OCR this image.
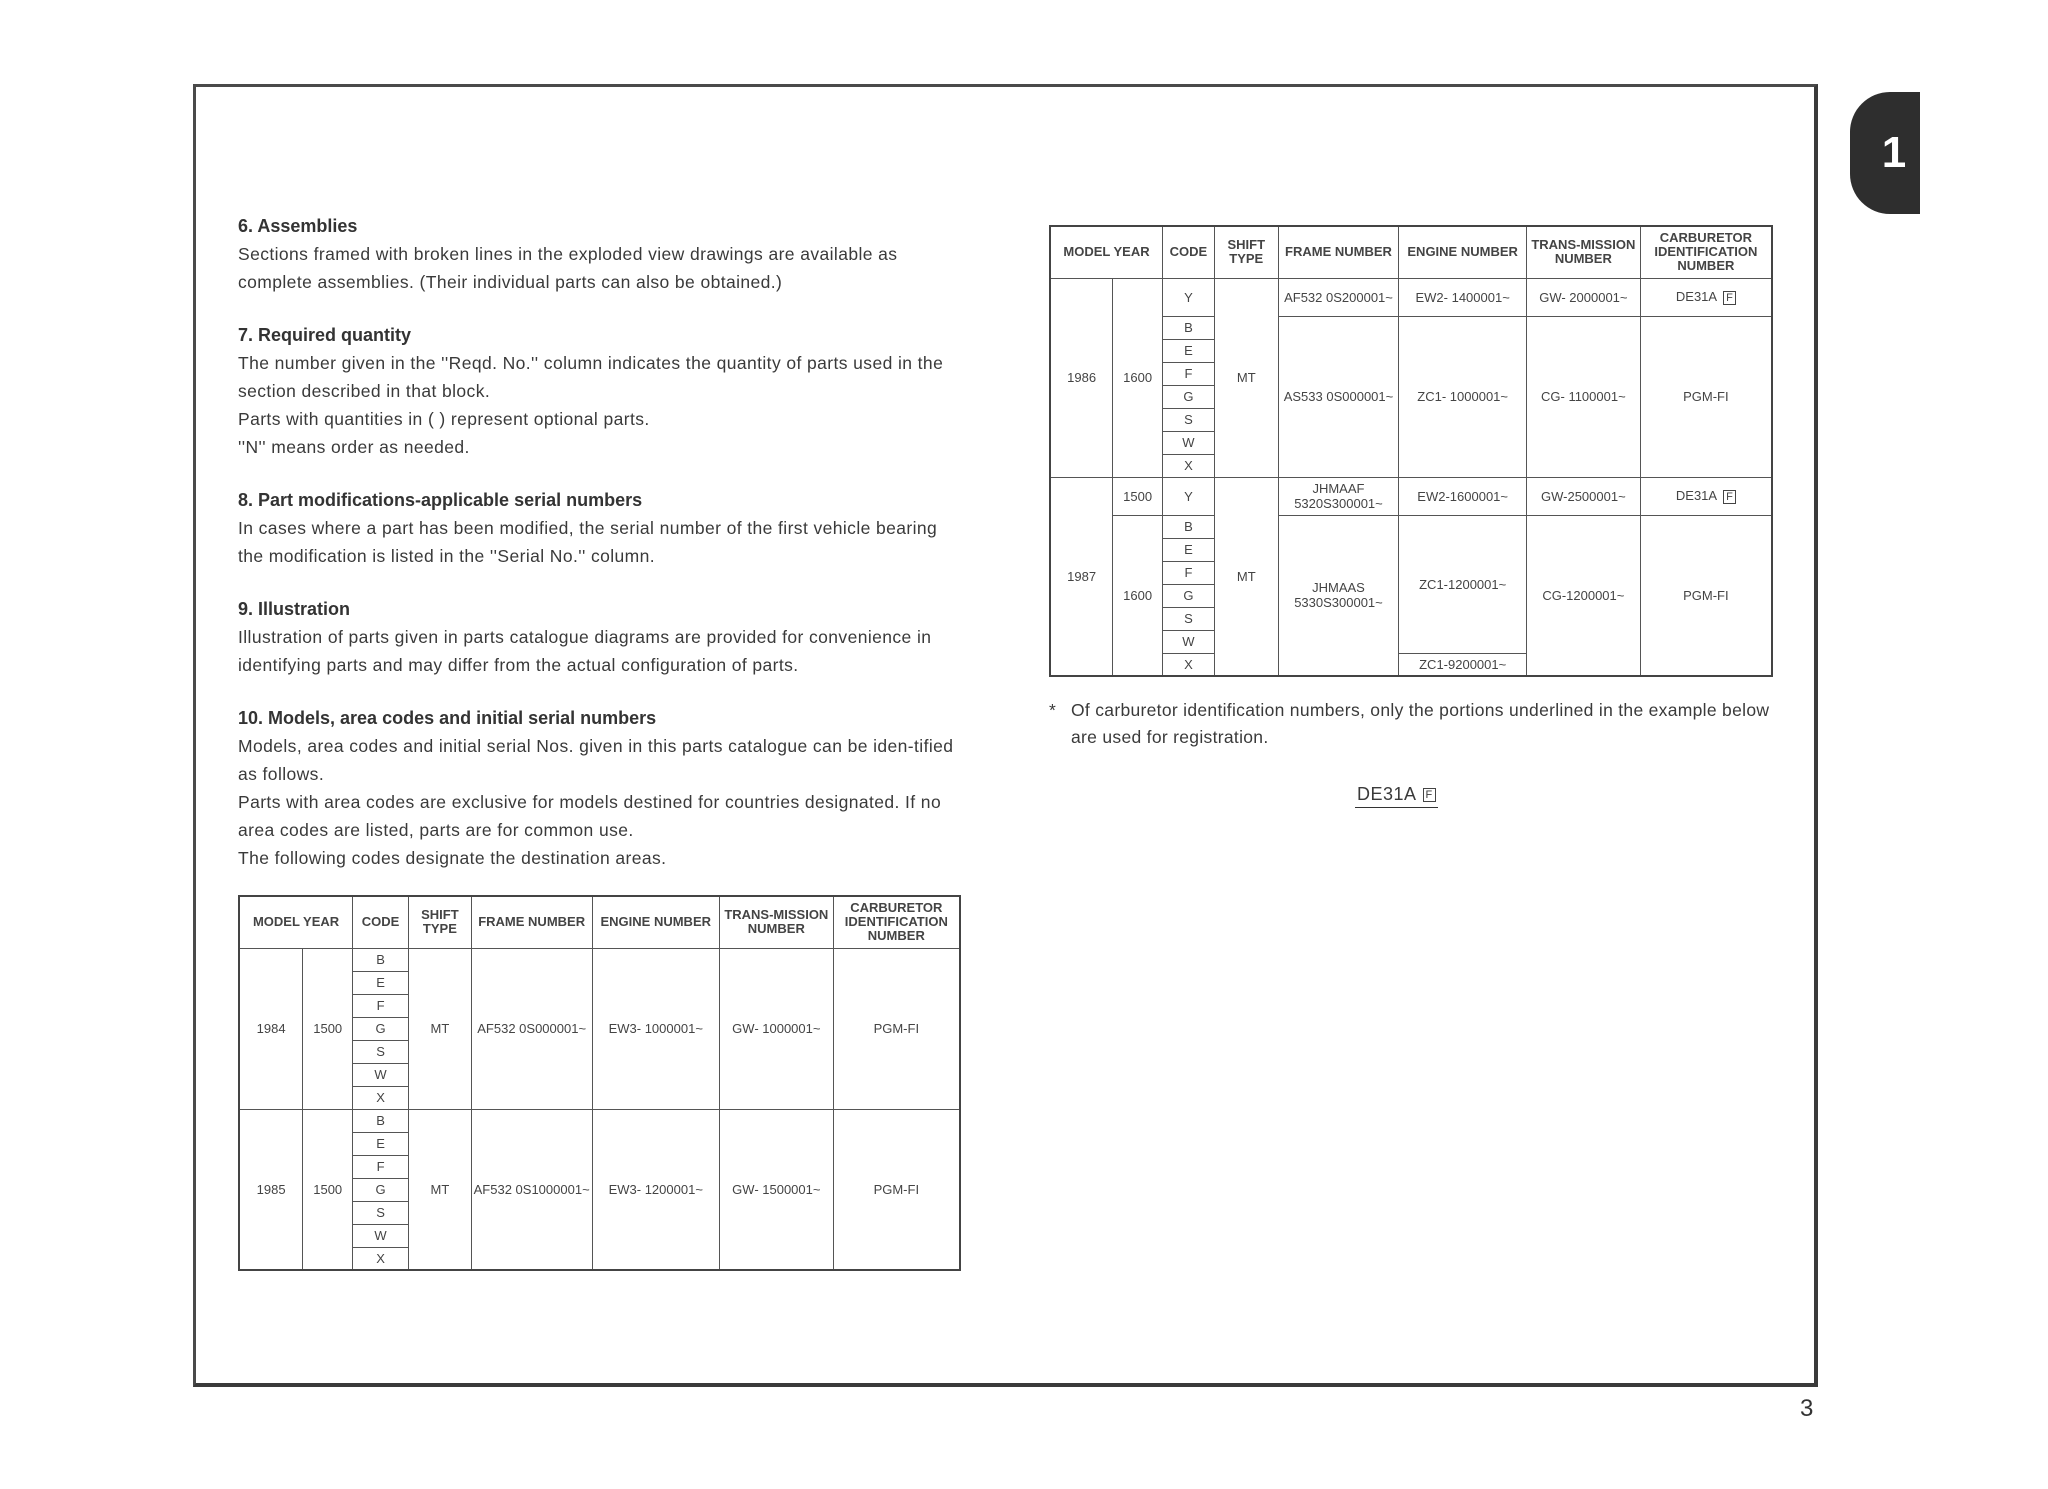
1
3
6. Assemblies

Sections framed with broken lines in the exploded view drawings are available as complete assemblies. (Their individual parts can also be obtained.)

7. Required quantity

The number given in the ''Reqd. No.'' column indicates the quantity of parts used in the section described in that block.

Parts with quantities in ( ) represent optional parts.

''N'' means order as needed.

8. Part modifications-applicable serial numbers

In cases where a part has been modified, the serial number of the first vehicle bearing the modification is listed in the ''Serial No.'' column.

9. Illustration

Illustration of parts given in parts catalogue diagrams are provided for convenience in identifying parts and may differ from the actual configuration of parts.

10. Models, area codes and initial serial numbers

Models, area codes and initial serial Nos. given in this parts catalogue can be iden-tified as follows.

Parts with area codes are exclusive for models destined for countries designated. If no area codes are listed, parts are for common use.

The following codes designate the destination areas.

MODEL YEAR		CODE	SHIFT TYPE	FRAME NUMBER	ENGINE NUMBER	TRANS-MISSION NUMBER	CARBURETOR IDENTIFICATION NUMBER
1984	1500	B	MT	AF532 0S000001~	EW3- 1000001~	GW- 1000001~	PGM-FI
		E					
		F					
		G					
		S					
		W					
		X					
1985	1500	B	MT	AF532 0S1000001~	EW3- 1200001~	GW- 1500001~	PGM-FI
		E					
		F					
		G					
		S					
		W					
		X					
MODEL YEAR		CODE	SHIFT TYPE	FRAME NUMBER	ENGINE NUMBER	TRANS-MISSION NUMBER	CARBURETOR IDENTIFICATION NUMBER
1986	1600	Y	MT	AF532 0S200001~	EW2- 1400001~	GW- 2000001~	DE31A F
		B		AS533 0S000001~	ZC1- 1000001~	CG- 1100001~	PGM-FI
		E					
		F					
		G					
		S					
		W					
		X					
1987	1500	Y	MT	JHMAAF 5320S300001~	EW2-1600001~	GW-2500001~	DE31A F
	1600	B		JHMAAS 5330S300001~	ZC1-1200001~	CG-1200001~	PGM-FI
		E					
		F					
		G					
		S					
		W					
		X			ZC1-9200001~		
* Of carburetor identification numbers, only the portions underlined in the example below are used for registration.
DE31A F
